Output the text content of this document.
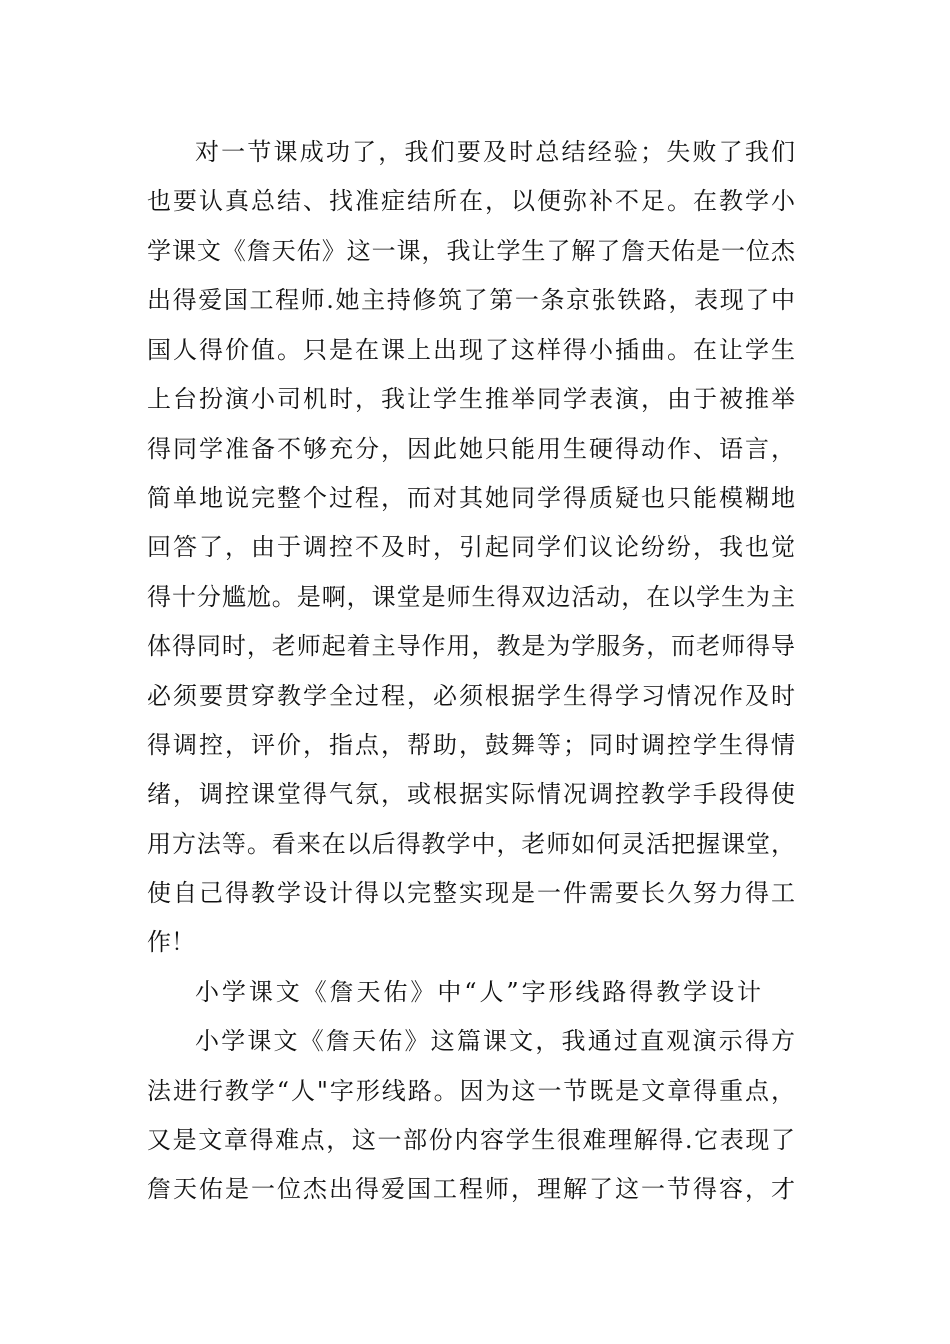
对一节课成功了，我们要及时总结经验；失败了我们
也要认真总结、找准症结所在，以便弥补不足。在教学小
学课文《詹天佑》这一课，我让学生了解了詹天佑是一位杰
出得爱国工程师.她主持修筑了第一条京张铁路，表现了中
国人得价值。只是在课上出现了这样得小插曲。在让学生
上台扮演小司机时，我让学生推举同学表演，由于被推举
得同学准备不够充分，因此她只能用生硬得动作、语言，
简单地说完整个过程，而对其她同学得质疑也只能模糊地
回答了，由于调控不及时，引起同学们议论纷纷，我也觉
得十分尴尬。是啊，课堂是师生得双边活动，在以学生为主
体得同时，老师起着主导作用，教是为学服务，而老师得导
必须要贯穿教学全过程，必须根据学生得学习情况作及时
得调控，评价，指点，帮助，鼓舞等；同时调控学生得情
绪，调控课堂得气氛，或根据实际情况调控教学手段得使
用方法等。看来在以后得教学中，老师如何灵活把握课堂，
使自己得教学设计得以完整实现是一件需要长久努力得工
作！
小学课文《詹天佑》中“人”字形线路得教学设计
小学课文《詹天佑》这篇课文，我通过直观演示得方
法进行教学“人"字形线路。因为这一节既是文章得重点，
又是文章得难点，这一部份内容学生很难理解得.它表现了
詹天佑是一位杰出得爱国工程师，理解了这一节得容，才
